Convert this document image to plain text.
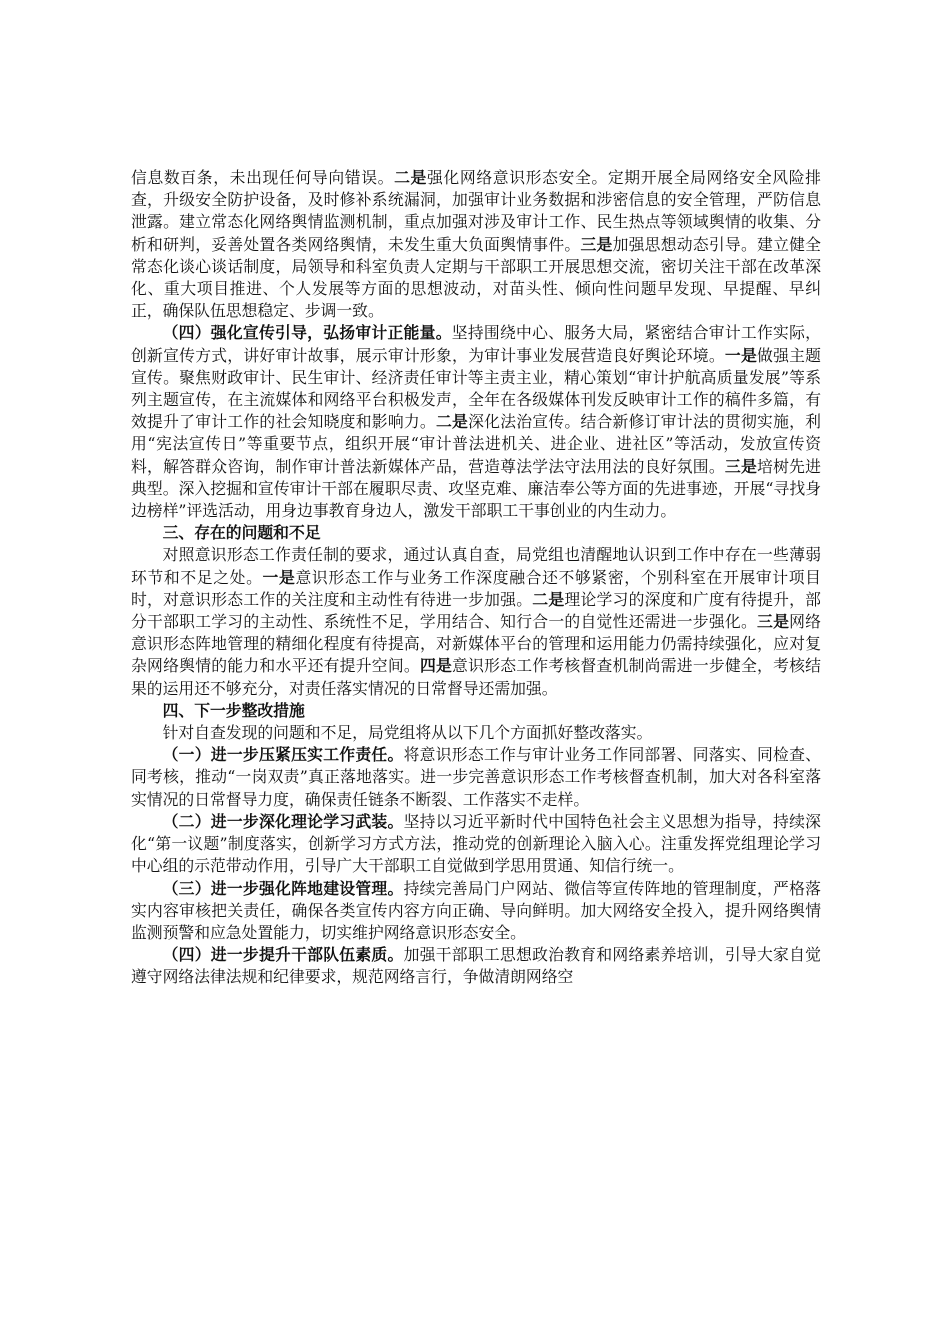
信息数百条，未出现任何导向错误。二是强化网络意识形态安全。定期开展全局网络安全风险排查，升级安全防护设备，及时修补系统漏洞，加强审计业务数据和涉密信息的安全管理，严防信息泄露。建立常态化网络舆情监测机制，重点加强对涉及审计工作、民生热点等领域舆情的收集、分析和研判，妥善处置各类网络舆情，未发生重大负面舆情事件。三是加强思想动态引导。建立健全常态化谈心谈话制度，局领导和科室负责人定期与干部职工开展思想交流，密切关注干部在改革深化、重大项目推进、个人发展等方面的思想波动，对苗头性、倾向性问题早发现、早提醒、早纠正，确保队伍思想稳定、步调一致。

（四）强化宣传引导，弘扬审计正能量。坚持围绕中心、服务大局，紧密结合审计工作实际，创新宣传方式，讲好审计故事，展示审计形象，为审计事业发展营造良好舆论环境。一是做强主题宣传。聚焦财政审计、民生审计、经济责任审计等主责主业，精心策划“审计护航高质量发展”等系列主题宣传，在主流媒体和网络平台积极发声，全年在各级媒体刊发反映审计工作的稿件多篇，有效提升了审计工作的社会知晓度和影响力。二是深化法治宣传。结合新修订审计法的贯彻实施，利用“宪法宣传日”等重要节点，组织开展“审计普法进机关、进企业、进社区”等活动，发放宣传资料，解答群众咨询，制作审计普法新媒体产品，营造尊法学法守法用法的良好氛围。三是培树先进典型。深入挖掘和宣传审计干部在履职尽责、攻坚克难、廉洁奉公等方面的先进事迹，开展“寻找身边榜样”评选活动，用身边事教育身边人，激发干部职工干事创业的内生动力。

三、存在的问题和不足

对照意识形态工作责任制的要求，通过认真自查，局党组也清醒地认识到工作中存在一些薄弱环节和不足之处。一是意识形态工作与业务工作深度融合还不够紧密，个别科室在开展审计项目时，对意识形态工作的关注度和主动性有待进一步加强。二是理论学习的深度和广度有待提升，部分干部职工学习的主动性、系统性不足，学用结合、知行合一的自觉性还需进一步强化。三是网络意识形态阵地管理的精细化程度有待提高，对新媒体平台的管理和运用能力仍需持续强化，应对复杂网络舆情的能力和水平还有提升空间。四是意识形态工作考核督查机制尚需进一步健全，考核结果的运用还不够充分，对责任落实情况的日常督导还需加强。

四、下一步整改措施

针对自查发现的问题和不足，局党组将从以下几个方面抓好整改落实。

（一）进一步压紧压实工作责任。将意识形态工作与审计业务工作同部署、同落实、同检查、同考核，推动“一岗双责”真正落地落实。进一步完善意识形态工作考核督查机制，加大对各科室落实情况的日常督导力度，确保责任链条不断裂、工作落实不走样。

（二）进一步深化理论学习武装。坚持以习近平新时代中国特色社会主义思想为指导，持续深化“第一议题”制度落实，创新学习方式方法，推动党的创新理论入脑入心。注重发挥党组理论学习中心组的示范带动作用，引导广大干部职工自觉做到学思用贯通、知信行统一。

（三）进一步强化阵地建设管理。持续完善局门户网站、微信等宣传阵地的管理制度，严格落实内容审核把关责任，确保各类宣传内容方向正确、导向鲜明。加大网络安全投入，提升网络舆情监测预警和应急处置能力，切实维护网络意识形态安全。

（四）进一步提升干部队伍素质。加强干部职工思想政治教育和网络素养培训，引导大家自觉遵守网络法律法规和纪律要求，规范网络言行，争做清朗网络空
